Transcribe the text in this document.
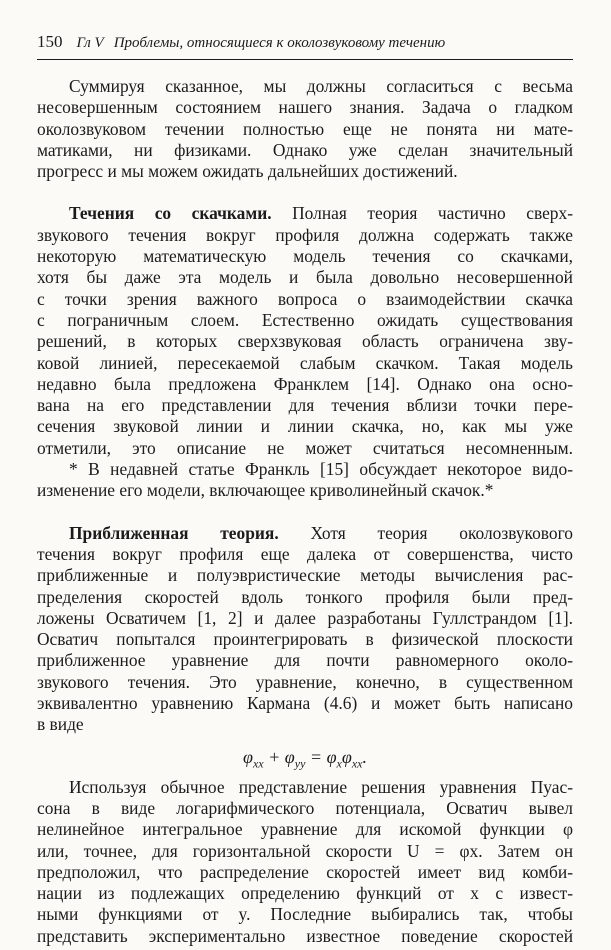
150 Гл V Проблемы, относящиеся к околозвуковому течению
Суммируя сказанное, мы должны согласиться с весьма
несовершенным состоянием нашего знания. Задача о гладком
околозвуковом течении полностью еще не понята ни мате-
матиками, ни физиками. Однако уже сделан значительный
прогресс и мы можем ожидать дальнейших достижений.
Течения со скачками. Полная теория частично сверх-
звукового течения вокруг профиля должна содержать также
некоторую математическую модель течения со скачками,
хотя бы даже эта модель и была довольно несовершенной
с точки зрения важного вопроса о взаимодействии скачка
с пограничным слоем. Естественно ожидать существования
решений, в которых сверхзвуковая область ограничена зву-
ковой линией, пересекаемой слабым скачком. Такая модель
недавно была предложена Франклем [14]. Однако она осно-
вана на его представлении для течения вблизи точки пере-
сечения звуковой линии и линии скачка, но, как мы уже
отметили, это описание не может считаться несомненным.
* В недавней статье Франкль [15] обсуждает некоторое видо-
изменение его модели, включающее криволинейный скачок.*
Приближенная теория. Хотя теория околозвукового
течения вокруг профиля еще далека от совершенства, чисто
приближенные и полуэвристические методы вычисления рас-
пределения скоростей вдоль тонкого профиля были пред-
ложены Осватичем [1, 2] и далее разработаны Гуллстрандом [1].
Осватич попытался проинтегрировать в физической плоскости
приближенное уравнение для почти равномерного около-
звукового течения. Это уравнение, конечно, в существенном
эквивалентно уравнению Кармана (4.6) и может быть написано
в виде
$\varphi_{xx} + \varphi_{yy} = \varphi_x\varphi_{xx}$.
Используя обычное представление решения уравнения Пуас-
сона в виде логарифмического потенциала, Осватич вывел
нелинейное интегральное уравнение для искомой функции φ
или, точнее, для горизонтальной скорости U = φx. Затем он
предположил, что распределение скоростей имеет вид комби-
нации из подлежащих определению функций от x с извест-
ными функциями от y. Последние выбирались так, чтобы
представить экспериментально известное поведение скоростей
